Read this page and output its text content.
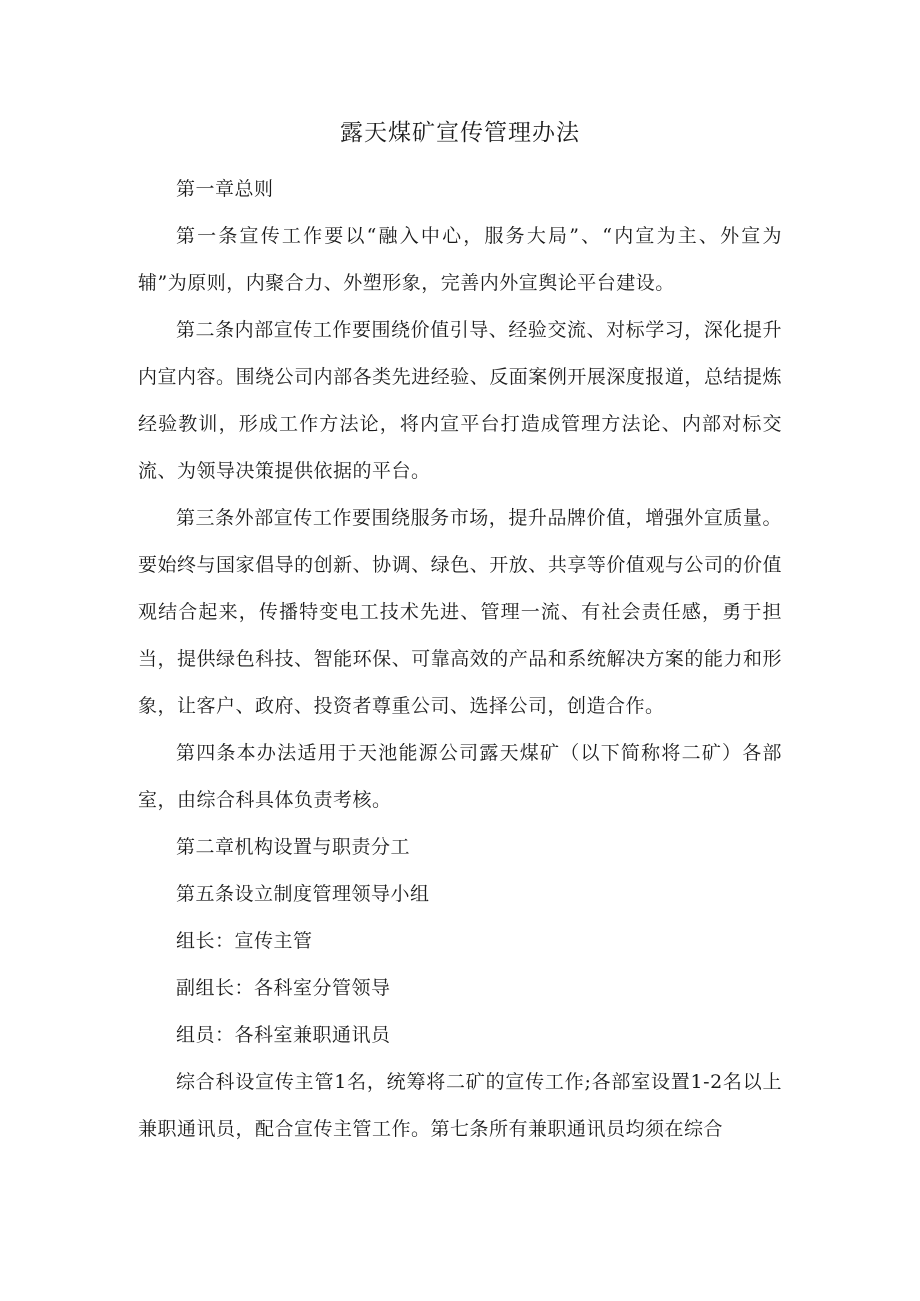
露天煤矿宣传管理办法

第一章总则

第一条宣传工作要以“融入中心，服务大局”、“内宣为主、外宣为辅”为原则，内聚合力、外塑形象，完善内外宣舆论平台建设。

第二条内部宣传工作要围绕价值引导、经验交流、对标学习，深化提升内宣内容。围绕公司内部各类先进经验、反面案例开展深度报道，总结提炼经验教训，形成工作方法论，将内宣平台打造成管理方法论、内部对标交流、为领导决策提供依据的平台。

第三条外部宣传工作要围绕服务市场，提升品牌价值，增强外宣质量。要始终与国家倡导的创新、协调、绿色、开放、共享等价值观与公司的价值观结合起来，传播特变电工技术先进、管理一流、有社会责任感，勇于担当，提供绿色科技、智能环保、可靠高效的产品和系统解决方案的能力和形象，让客户、政府、投资者尊重公司、选择公司，创造合作。

第四条本办法适用于天池能源公司露天煤矿（以下简称将二矿）各部室，由综合科具体负责考核。

第二章机构设置与职责分工

第五条设立制度管理领导小组

组长：宣传主管

副组长：各科室分管领导

组员：各科室兼职通讯员

综合科设宣传主管1名，统筹将二矿的宣传工作;各部室设置1-2名以上兼职通讯员，配合宣传主管工作。第七条所有兼职通讯员均须在综合
